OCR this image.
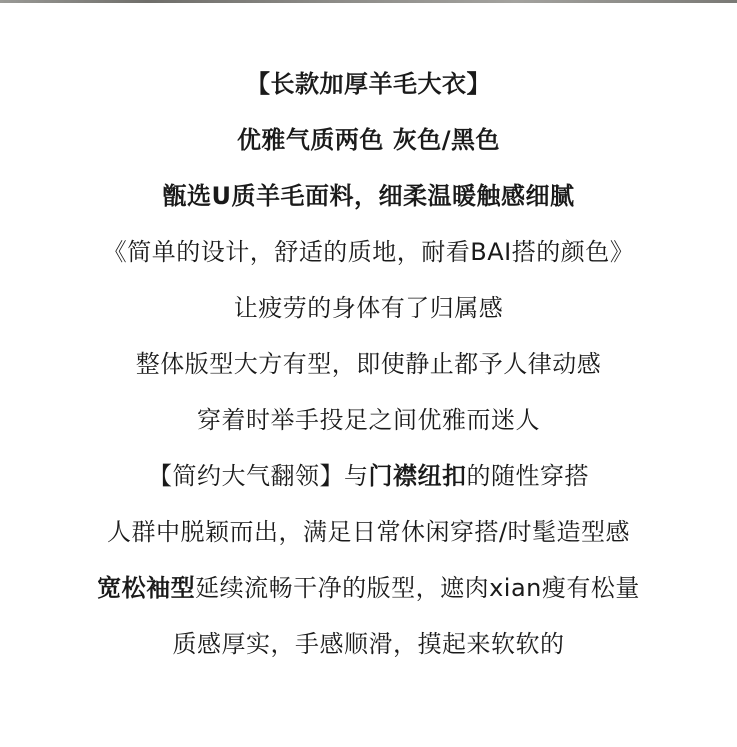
【长款加厚羊毛大衣】
优雅气质两色 灰色/黑色
甑选U质羊毛面料，细柔温暖触感细腻
《简单的设计，舒适的质地，耐看BAI搭的颜色》
让疲劳的身体有了归属感
整体版型大方有型，即使静止都予人律动感
穿着时举手投足之间优雅而迷人
【简约大气翻领】与门襟纽扣的随性穿搭
人群中脱颖而出，满足日常休闲穿搭/时髦造型感
宽松袖型延续流畅干净的版型，遮肉xian瘦有松量
质感厚实，手感顺滑，摸起来软软的
